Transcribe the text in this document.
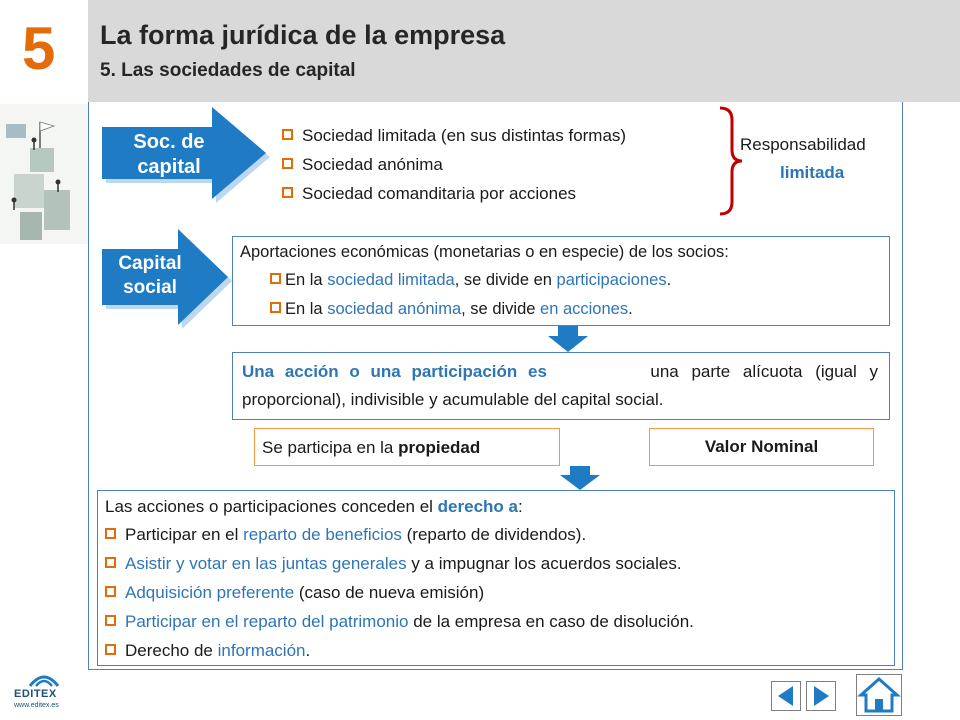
5 La forma jurídica de la empresa
5. Las sociedades de capital
Soc. de
capital
Sociedad limitada (en sus distintas formas)
Sociedad anónima
Sociedad comanditaria por acciones
Responsabilidad
limitada
Capital
social
Aportaciones económicas (monetarias o en especie) de los socios:
En la sociedad limitada, se divide en participaciones.
En la sociedad anónima, se divide en acciones.
Una acción o una participación es	una parte alícuota (igual y
proporcional), indivisible y acumulable del capital social.
Se participa en la propiedad	Valor Nominal
Las acciones o participaciones conceden el derecho a:
Participar en el reparto de beneficios (reparto de dividendos).
Asistir y votar en las juntas generales y a impugnar los acuerdos sociales.
Adquisición preferente (caso de nueva emisión)
Participar en el reparto del patrimonio de la empresa en caso de disolución.
Derecho de información.
EDITEX
www.editex.es
